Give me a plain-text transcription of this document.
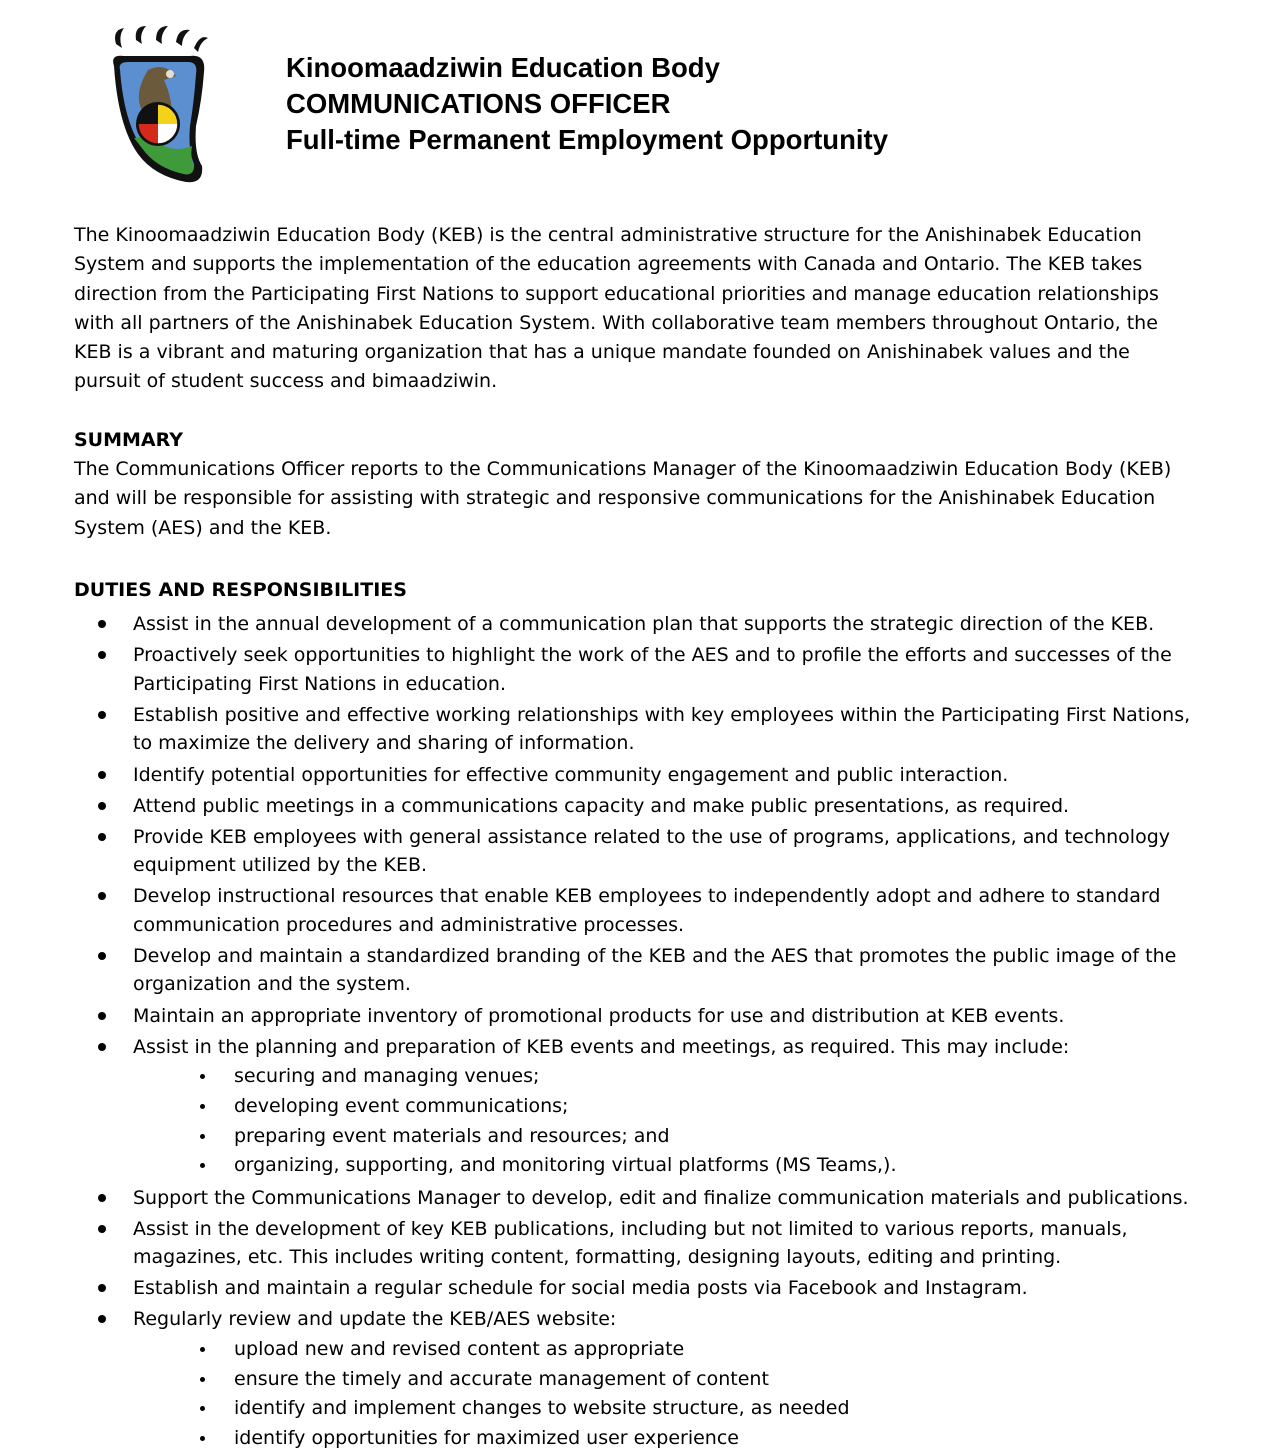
Kinoomaadziwin Education Body
COMMUNICATIONS OFFICER
Full-time Permanent Employment Opportunity

The Kinoomaadziwin Education Body (KEB) is the central administrative structure for the Anishinabek Education System and supports the implementation of the education agreements with Canada and Ontario. The KEB takes direction from the Participating First Nations to support educational priorities and manage education relationships with all partners of the Anishinabek Education System. With collaborative team members throughout Ontario, the KEB is a vibrant and maturing organization that has a unique mandate founded on Anishinabek values and the pursuit of student success and bimaadziwin.

SUMMARY

The Communications Officer reports to the Communications Manager of the Kinoomaadziwin Education Body (KEB) and will be responsible for assisting with strategic and responsive communications for the Anishinabek Education System (AES) and the KEB.

DUTIES AND RESPONSIBILITIES

Assist in the annual development of a communication plan that supports the strategic direction of the KEB.
Proactively seek opportunities to highlight the work of the AES and to profile the efforts and successes of the Participating First Nations in education.
Establish positive and effective working relationships with key employees within the Participating First Nations, to maximize the delivery and sharing of information.
Identify potential opportunities for effective community engagement and public interaction.
Attend public meetings in a communications capacity and make public presentations, as required.
Provide KEB employees with general assistance related to the use of programs, applications, and technology equipment utilized by the KEB.
Develop instructional resources that enable KEB employees to independently adopt and adhere to standard communication procedures and administrative processes.
Develop and maintain a standardized branding of the KEB and the AES that promotes the public image of the organization and the system.
Maintain an appropriate inventory of promotional products for use and distribution at KEB events.
Assist in the planning and preparation of KEB events and meetings, as required. This may include:
securing and managing venues;
developing event communications;
preparing event materials and resources; and
organizing, supporting, and monitoring virtual platforms (MS Teams,).
Support the Communications Manager to develop, edit and finalize communication materials and publications.
Assist in the development of key KEB publications, including but not limited to various reports, manuals, magazines, etc. This includes writing content, formatting, designing layouts, editing and printing.
Establish and maintain a regular schedule for social media posts via Facebook and Instagram.
Regularly review and update the KEB/AES website:
upload new and revised content as appropriate
ensure the timely and accurate management of content
identify and implement changes to website structure, as needed
identify opportunities for maximized user experience
